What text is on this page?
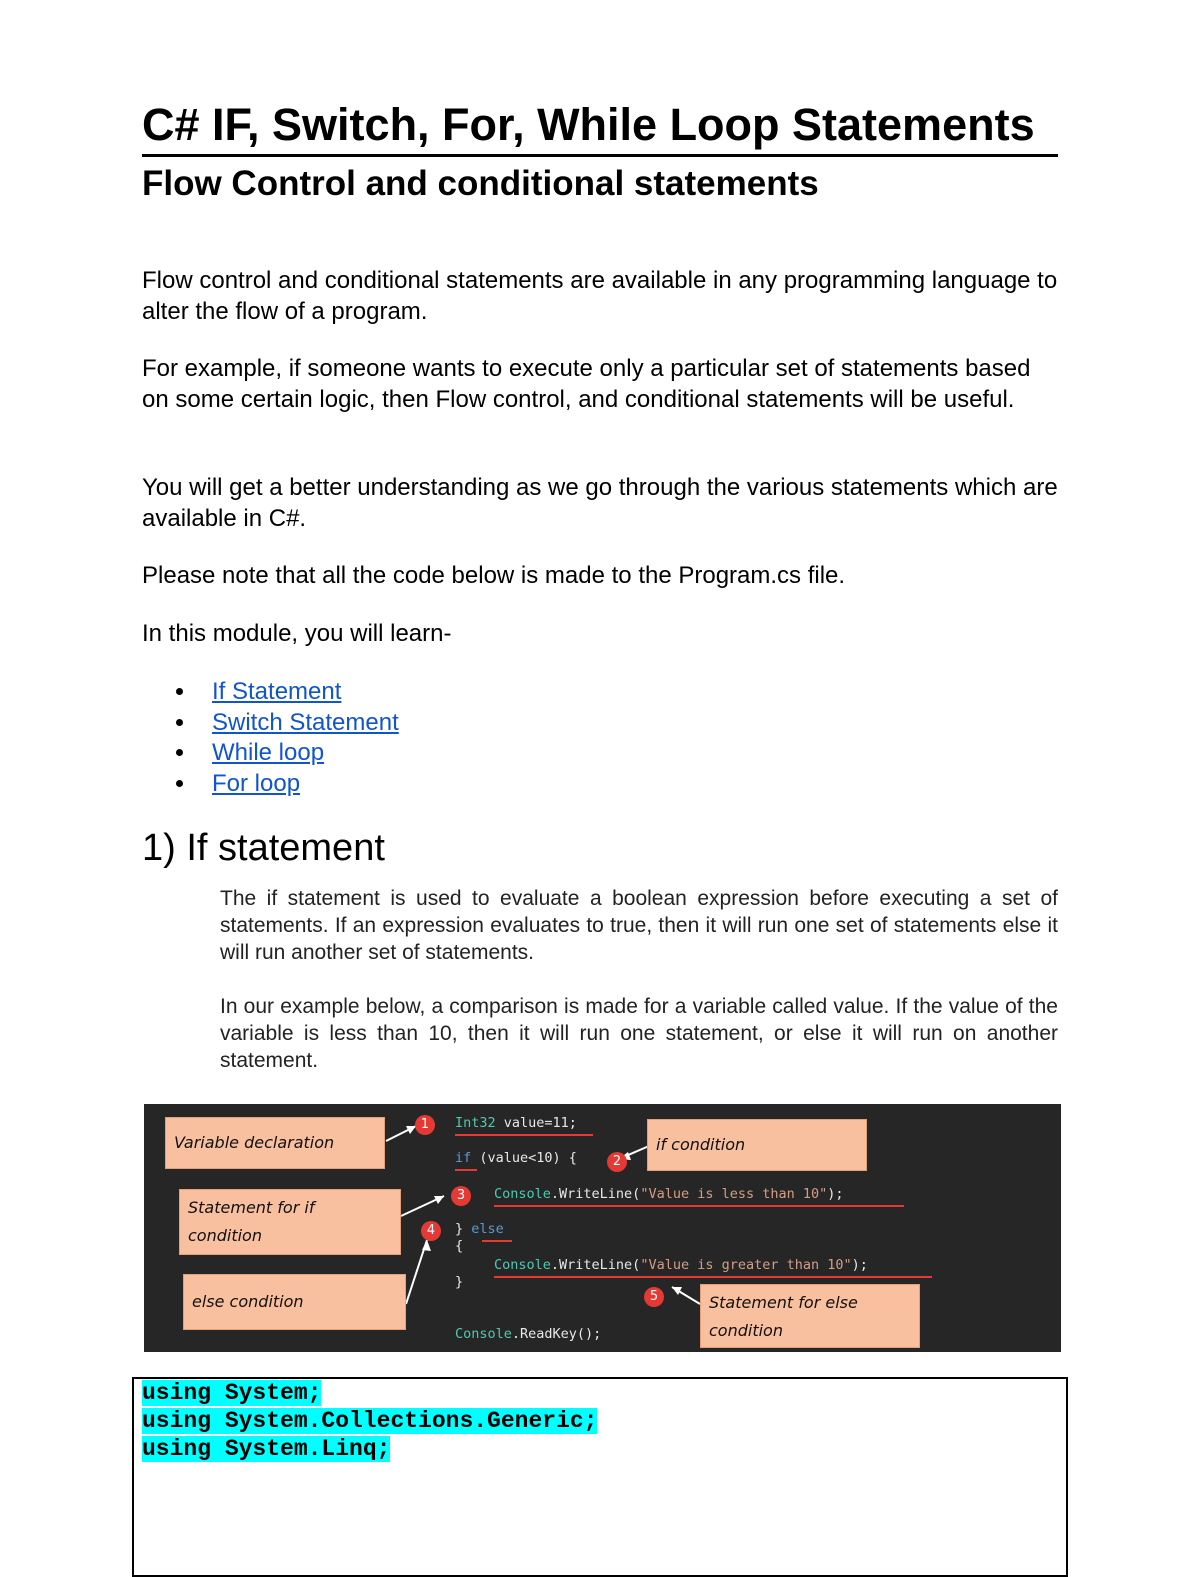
C# IF, Switch, For, While Loop Statements
Flow Control and conditional statements

Flow control and conditional statements are available in any programming language to alter the flow of a program.

For example, if someone wants to execute only a particular set of statements based on some certain logic, then Flow control, and conditional statements will be useful.

You will get a better understanding as we go through the various statements which are available in C#.

Please note that all the code below is made to the Program.cs file.

In this module, you will learn-

If Statement
Switch Statement
While loop
For loop
1) If statement

The if statement is used to evaluate a boolean expression before executing a set of statements. If an expression evaluates to true, then it will run one set of statements else it will run another set of statements.

In our example below, a comparison is made for a variable called value. If the value of the variable is less than 10, then it will run one statement, or else it will run on another statement.

Int32 value=11;
if (value<10) {
Console.WriteLine("Value is less than 10");
} else
{
Console.WriteLine("Value is greater than 10");
}
Console.ReadKey();
Variable declaration	if condition
Statement for if
condition
else condition	Statement for else
condition
1
2
3
4
5
using System;
using System.Collections.Generic;
using System.Linq;
